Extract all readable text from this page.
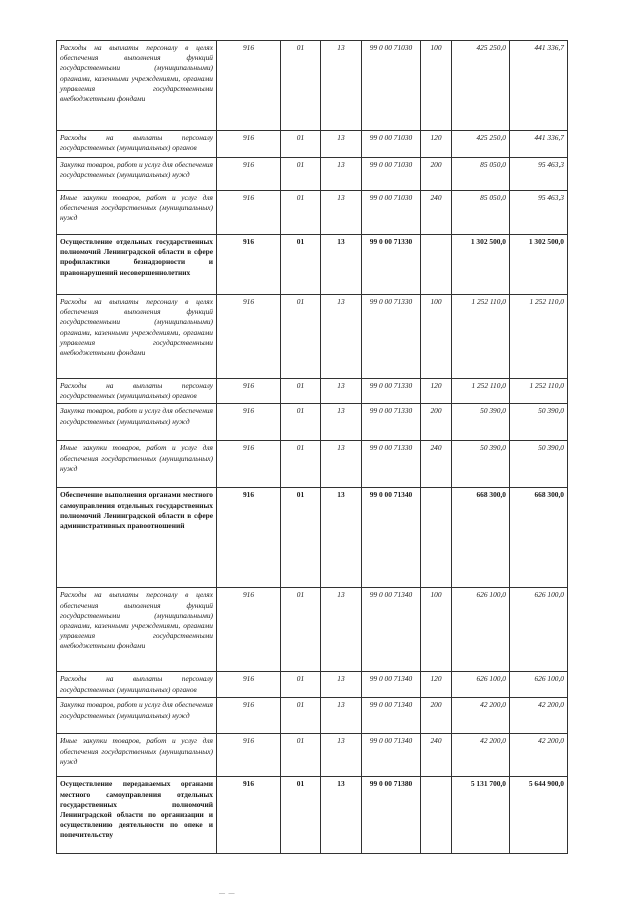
Расходы на выплаты персоналу в целях обеспечения выполнения функций государственными (муниципальными) органами, казенными учреждениями, органами управления государственными внебюджетными фондами	916	01	13	99 0 00 71030	100	425 250,0	441 336,7
Расходы на выплаты персоналу государственных (муниципальных) органов	916	01	13	99 0 00 71030	120	425 250,0	441 336,7
Закупка товаров, работ и услуг для обеспечения государственных (муниципальных) нужд	916	01	13	99 0 00 71030	200	85 050,0	95 463,3
Иные закупки товаров, работ и услуг для обеспечения государственных (муниципальных) нужд	916	01	13	99 0 00 71030	240	85 050,0	95 463,3
Осуществление отдельных государственных полномочий Ленинградской области в сфере профилактики безнадзорности и правонарушений несовершеннолетних	916	01	13	99 0 00 71330		1 302 500,0	1 302 500,0
Расходы на выплаты персоналу в целях обеспечения выполнения функций государственными (муниципальными) органами, казенными учреждениями, органами управления государственными внебюджетными фондами	916	01	13	99 0 00 71330	100	1 252 110,0	1 252 110,0
Расходы на выплаты персоналу государственных (муниципальных) органов	916	01	13	99 0 00 71330	120	1 252 110,0	1 252 110,0
Закупка товаров, работ и услуг для обеспечения государственных (муниципальных) нужд	916	01	13	99 0 00 71330	200	50 390,0	50 390,0
Иные закупки товаров, работ и услуг для обеспечения государственных (муниципальных) нужд	916	01	13	99 0 00 71330	240	50 390,0	50 390,0
Обеспечение выполнения органами местного самоуправления отдельных государственных полномочий Ленинградской области в сфере административных правоотношений	916	01	13	99 0 00 71340		668 300,0	668 300,0
Расходы на выплаты персоналу в целях обеспечения выполнения функций государственными (муниципальными) органами, казенными учреждениями, органами управления государственными внебюджетными фондами	916	01	13	99 0 00 71340	100	626 100,0	626 100,0
Расходы на выплаты персоналу государственных (муниципальных) органов	916	01	13	99 0 00 71340	120	626 100,0	626 100,0
Закупка товаров, работ и услуг для обеспечения государственных (муниципальных) нужд	916	01	13	99 0 00 71340	200	42 200,0	42 200,0
Иные закупки товаров, работ и услуг для обеспечения государственных (муниципальных) нужд	916	01	13	99 0 00 71340	240	42 200,0	42 200,0
Осуществление передаваемых органами местного самоуправления отдельных государственных полномочий Ленинградской области по организации и осуществлению деятельности по опеке и попечительству	916	01	13	99 0 00 71380		5 131 700,0	5 644 900,0
— —
